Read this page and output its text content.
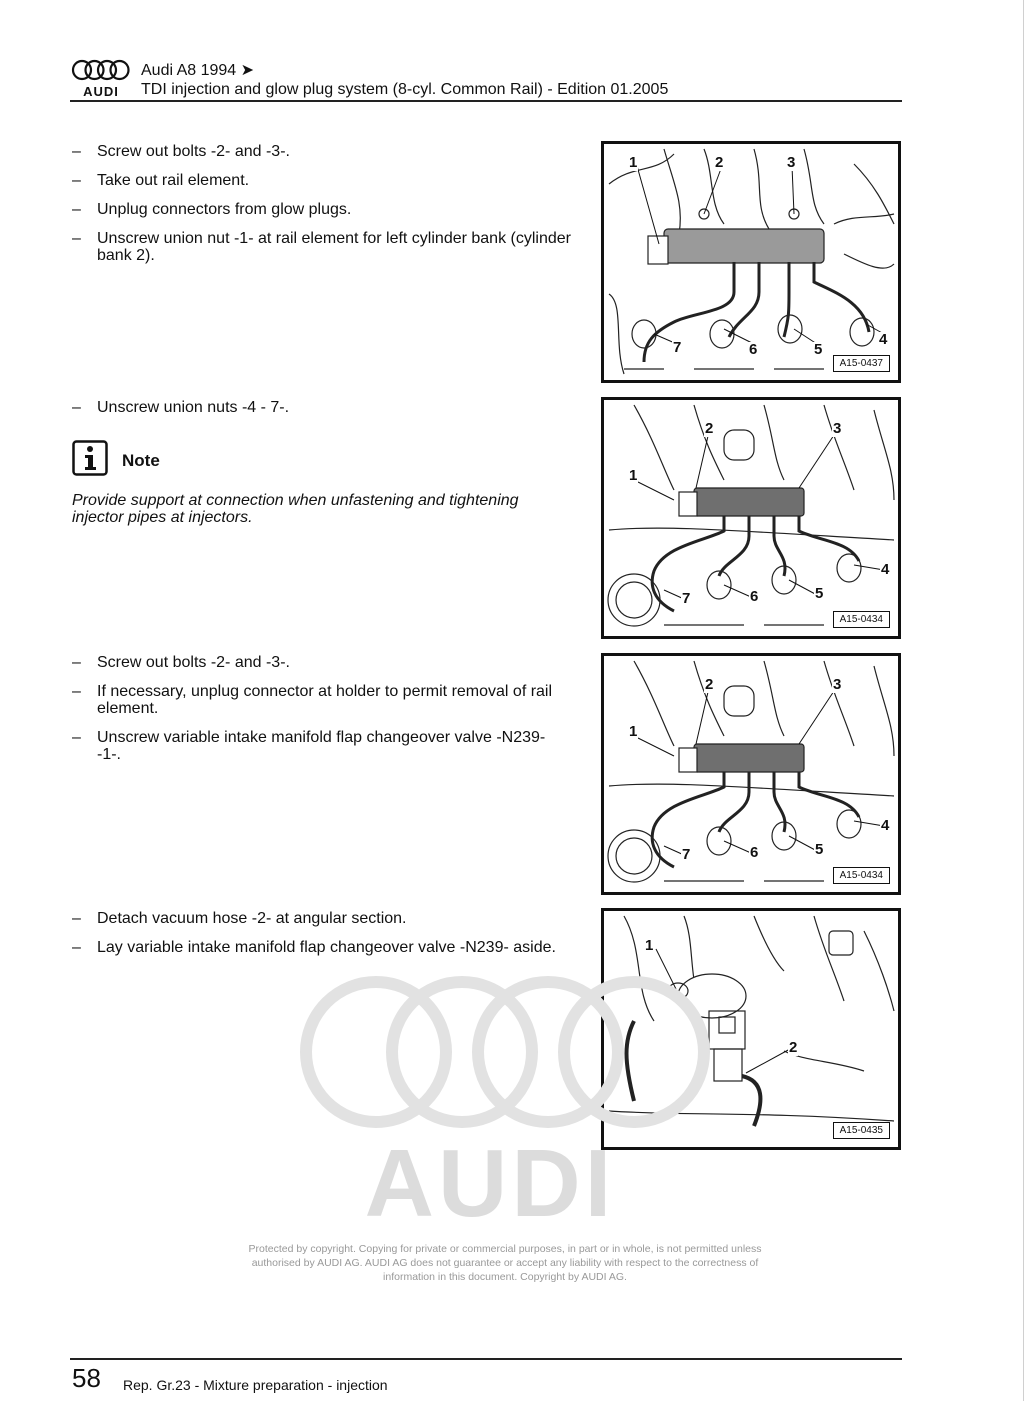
AUDI
Audi A8 1994 ➤
TDI injection and glow plug system (8-cyl. Common Rail) - Edition 01.2005
– Screw out bolts -2- and -3-.
– Take out rail element.
– Unplug connectors from glow plugs.
– Unscrew union nut -1- at rail element for left cylinder bank (cylinder bank 2).
– Unscrew union nuts -4 - 7-.
Note
Provide support at connection when unfastening and tightening injector pipes at injectors.
– Screw out bolts -2- and -3-.
– If necessary, unplug connector at holder to permit removal of rail element.
– Unscrew variable intake manifold flap changeover valve -N239- -1-.
– Detach vacuum hose -2- at angular section.
– Lay variable intake manifold flap changeover valve -N239- aside.
1	2	3
4
5
6
7
A15-0437
1
2	3
4
5
6
7
A15-0434
1
2	3
4
5
6
7
A15-0434
1
2
A15-0435
AUDI
Protected by copyright. Copying for private or commercial purposes, in part or in whole, is not permitted unless authorised by AUDI AG. AUDI AG does not guarantee or accept any liability with respect to the correctness of information in this document. Copyright by AUDI AG.
58 Rep. Gr.23 - Mixture preparation - injection
